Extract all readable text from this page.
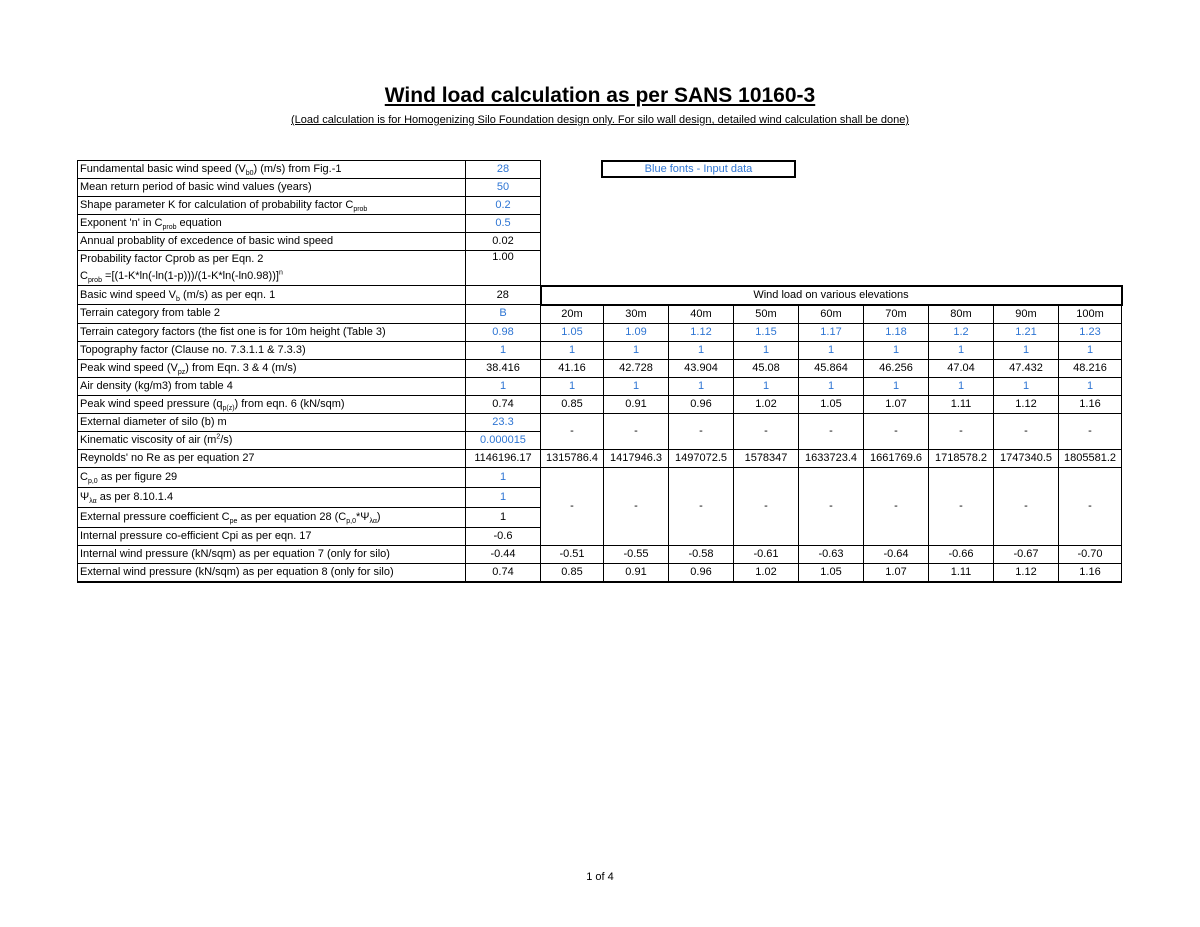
Wind load calculation as per SANS 10160-3
(Load calculation is for Homogenizing Silo Foundation design only. For silo wall design, detailed wind calculation shall be done)
Blue fonts - Input data
Fundamental basic wind speed $(V_{b0})$ (m/s) from Fig.-1	28									
Mean return period of basic wind values (years)	50									
Shape parameter K for calculation of probability factor $C_{prob}$	0.2									
Exponent 'n' in $C_{prob}$ equation	0.5									
Annual probablity of excedence of basic wind speed	0.02									
Probability factor Cprob as per Eqn. 2
$C_{prob} =[(1-K*\ln(-\ln(1-p)))/(1-K*\ln(-\ln 0.98))]^n$	1.00									
Basic wind speed $V_b$ (m/s) as per eqn. 1	28	Wind load on various elevations								
Terrain category from table 2	B	20m	30m	40m	50m	60m	70m	80m	90m	100m
Terrain category factors (the fist one is for 10m height (Table 3)	0.98	1.05	1.09	1.12	1.15	1.17	1.18	1.2	1.21	1.23
Topography factor (Clause no. 7.3.1.1 & 7.3.3)	1	1	1	1	1	1	1	1	1	1
Peak wind speed $(V_{pz})$ from Eqn. 3 & 4 (m/s)	38.416	41.16	42.728	43.904	45.08	45.864	46.256	47.04	47.432	48.216
Air density (kg/m3) from table 4	1	1	1	1	1	1	1	1	1	1
Peak wind speed pressure $(q_{p(z)})$ from eqn. 6 (kN/sqm)	0.74	0.85	0.91	0.96	1.02	1.05	1.07	1.11	1.12	1.16
External diameter of silo (b) m	23.3	-	-	-	-	-	-	-	-	-
Kinematic viscosity of air $(m^2/s)$	0.000015									
Reynolds' no Re as per equation 27	1146196.17	1315786.4	1417946.3	1497072.5	1578347	1633723.4	1661769.6	1718578.2	1747340.5	1805581.2
$C_{p,0}$ as per figure 29	1	-	-	-	-	-	-	-	-	-
$\Psi_{\lambda\alpha}$ as per 8.10.1.4	1									
External pressure coefficient $C_{pe}$ as per equation 28 $(C_{p,0}*\Psi_{\lambda\alpha})$	1									
Internal pressure co-efficient Cpi as per eqn. 17	-0.6									
Internal wind pressure (kN/sqm) as per equation 7 (only for silo)	-0.44	-0.51	-0.55	-0.58	-0.61	-0.63	-0.64	-0.66	-0.67	-0.70
External wind pressure (kN/sqm) as per equation 8 (only for silo)	0.74	0.85	0.91	0.96	1.02	1.05	1.07	1.11	1.12	1.16
1 of 4
